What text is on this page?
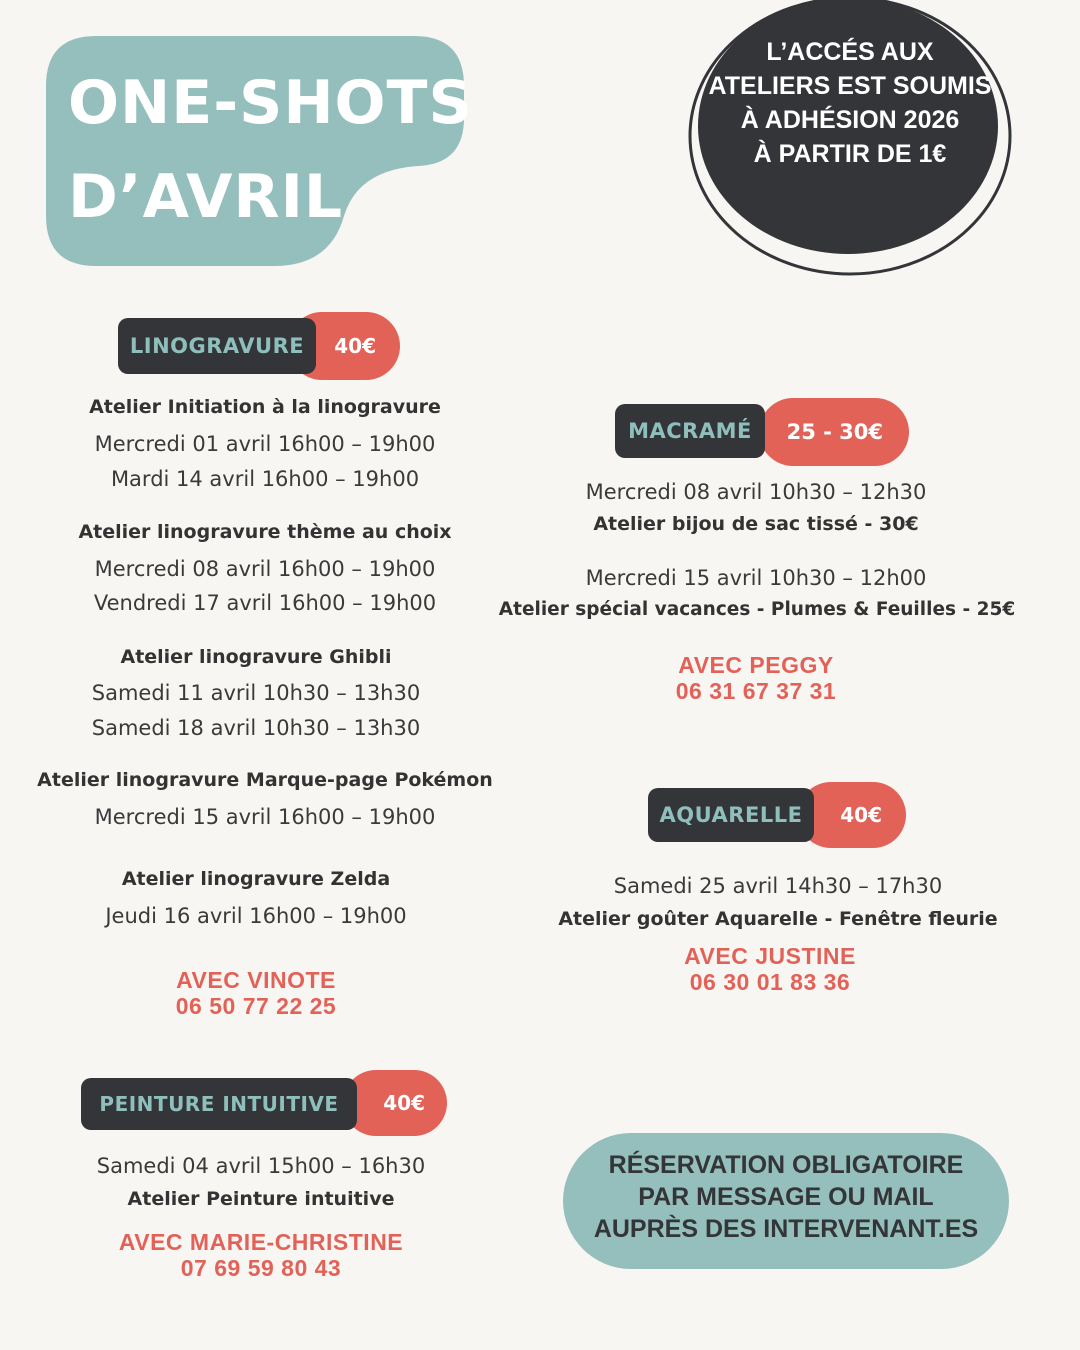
ONE-SHOTS
D’AVRIL
L’ACCÉS AUX
ATELIERS EST SOUMIS
À ADHÉSION 2026
À PARTIR DE 1€
40€
LINOGRAVURE
Atelier Initiation à la linogravure
Mercredi 01 avril 16h00 – 19h00
Mardi 14 avril 16h00 – 19h00
Atelier linogravure thème au choix
Mercredi 08 avril 16h00 – 19h00
Vendredi 17 avril 16h00 – 19h00
Atelier linogravure Ghibli
Samedi 11 avril 10h30 – 13h30
Samedi 18 avril 10h30 – 13h30
Atelier linogravure Marque-page Pokémon
Mercredi 15 avril 16h00 – 19h00
Atelier linogravure Zelda
Jeudi 16 avril 16h00 – 19h00
AVEC VINOTE
06 50 77 22 25
25 - 30€
MACRAMÉ
Mercredi 08 avril 10h30 – 12h30
Atelier bijou de sac tissé - 30€
Mercredi 15 avril 10h30 – 12h00
Atelier spécial vacances - Plumes & Feuilles - 25€
AVEC PEGGY
06 31 67 37 31
40€
AQUARELLE
Samedi 25 avril 14h30 – 17h30
Atelier goûter Aquarelle - Fenêtre fleurie
AVEC JUSTINE
06 30 01 83 36
40€
PEINTURE INTUITIVE
Samedi 04 avril 15h00 – 16h30
Atelier Peinture intuitive
AVEC MARIE-CHRISTINE
07 69 59 80 43
RÉSERVATION OBLIGATOIRE
PAR MESSAGE OU MAIL
AUPRÈS DES INTERVENANT.ES
